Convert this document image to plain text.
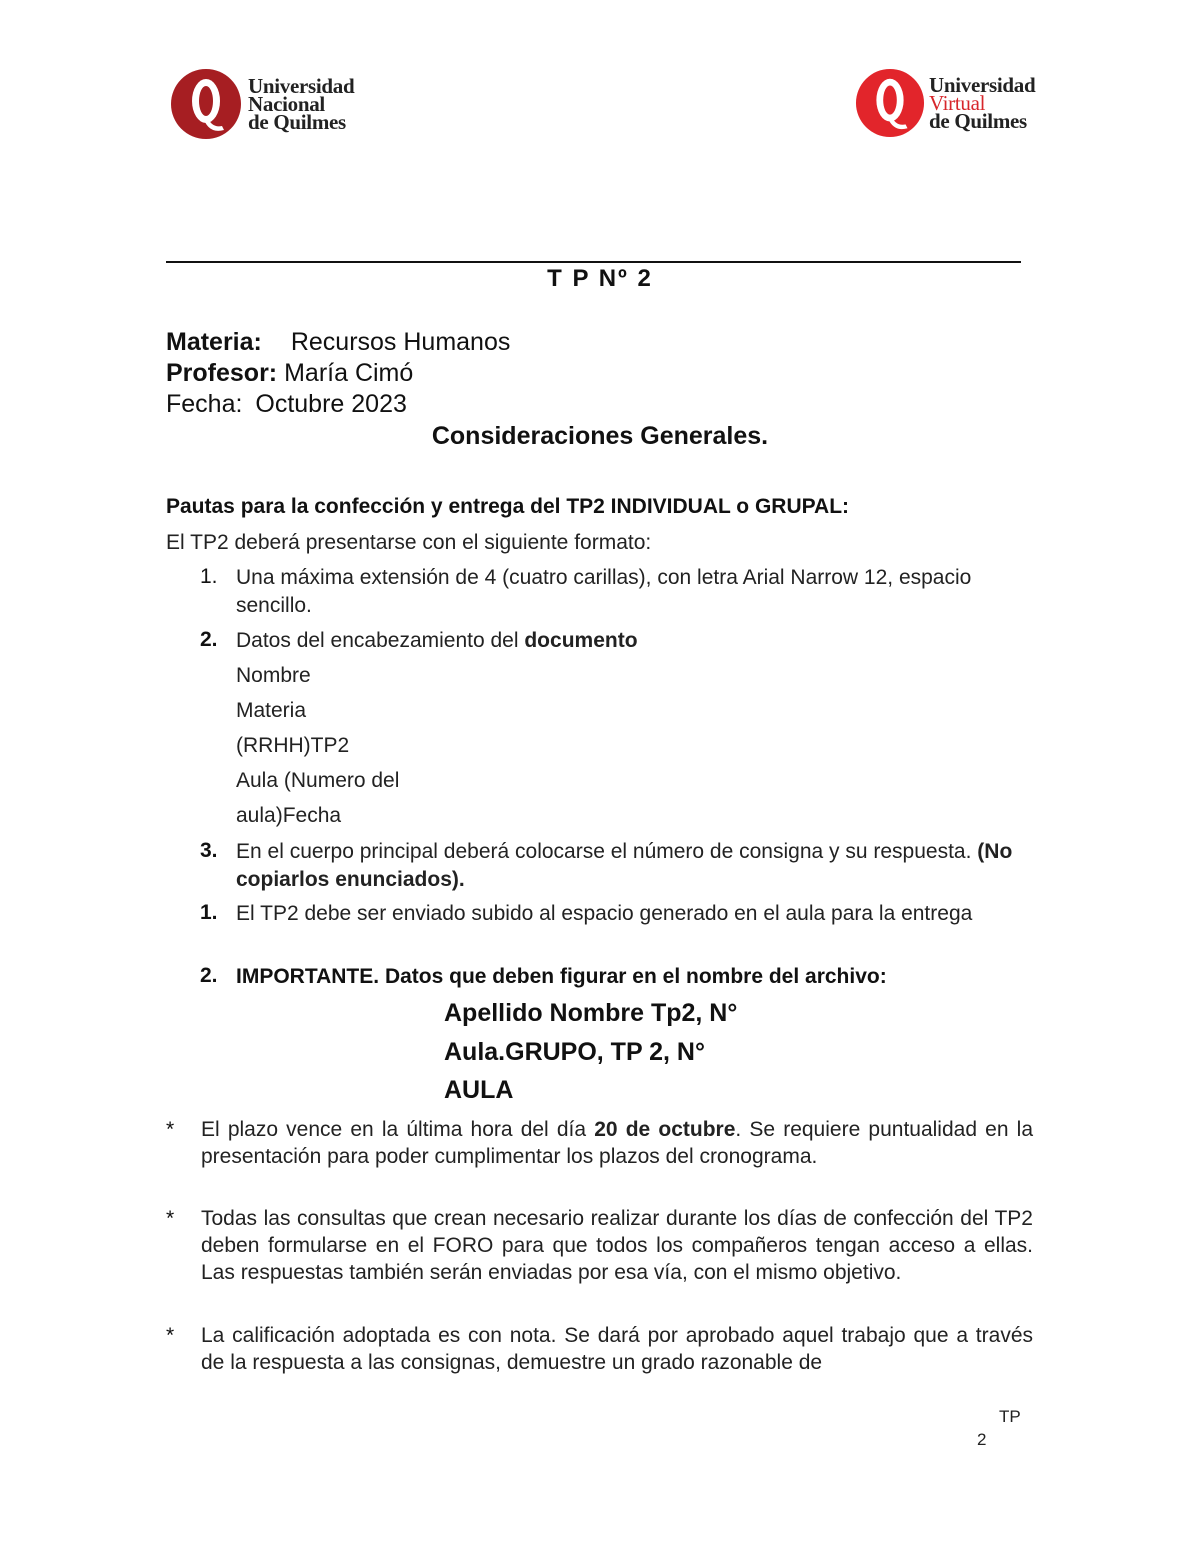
Universidad
Nacional
de Quilmes
Universidad
Virtual
de Quilmes
T P Nº 2
Materia: Recursos Humanos
Profesor: María Cimó
Fecha: Octubre 2023
Consideraciones Generales.
Pautas para la confección y entrega del TP2 INDIVIDUAL o GRUPAL:
El TP2 deberá presentarse con el siguiente formato:
1. Una máxima extensión de 4 (cuatro carillas), con letra Arial Narrow 12, espacio sencillo.
2. Datos del encabezamiento del documento
Nombre
Materia
(RRHH)TP2
Aula (Numero del
aula)Fecha
3. En el cuerpo principal deberá colocarse el número de consigna y su respuesta. (No copiarlos enunciados).
1. El TP2 debe ser enviado subido al espacio generado en el aula para la entrega
2. IMPORTANTE. Datos que deben figurar en el nombre del archivo:
Apellido Nombre Tp2, N°
Aula.GRUPO, TP 2, N°
AULA
* El plazo vence en la última hora del día 20 de octubre. Se requiere puntualidad en la presentación para poder cumplimentar los plazos del cronograma.
* Todas las consultas que crean necesario realizar durante los días de confección del TP2 deben formularse en el FORO para que todos los compañeros tengan acceso a ellas. Las respuestas también serán enviadas por esa vía, con el mismo objetivo.
* La calificación adoptada es con nota. Se dará por aprobado aquel trabajo que a través de la respuesta a las consignas, demuestre un grado razonable de
TP
2
